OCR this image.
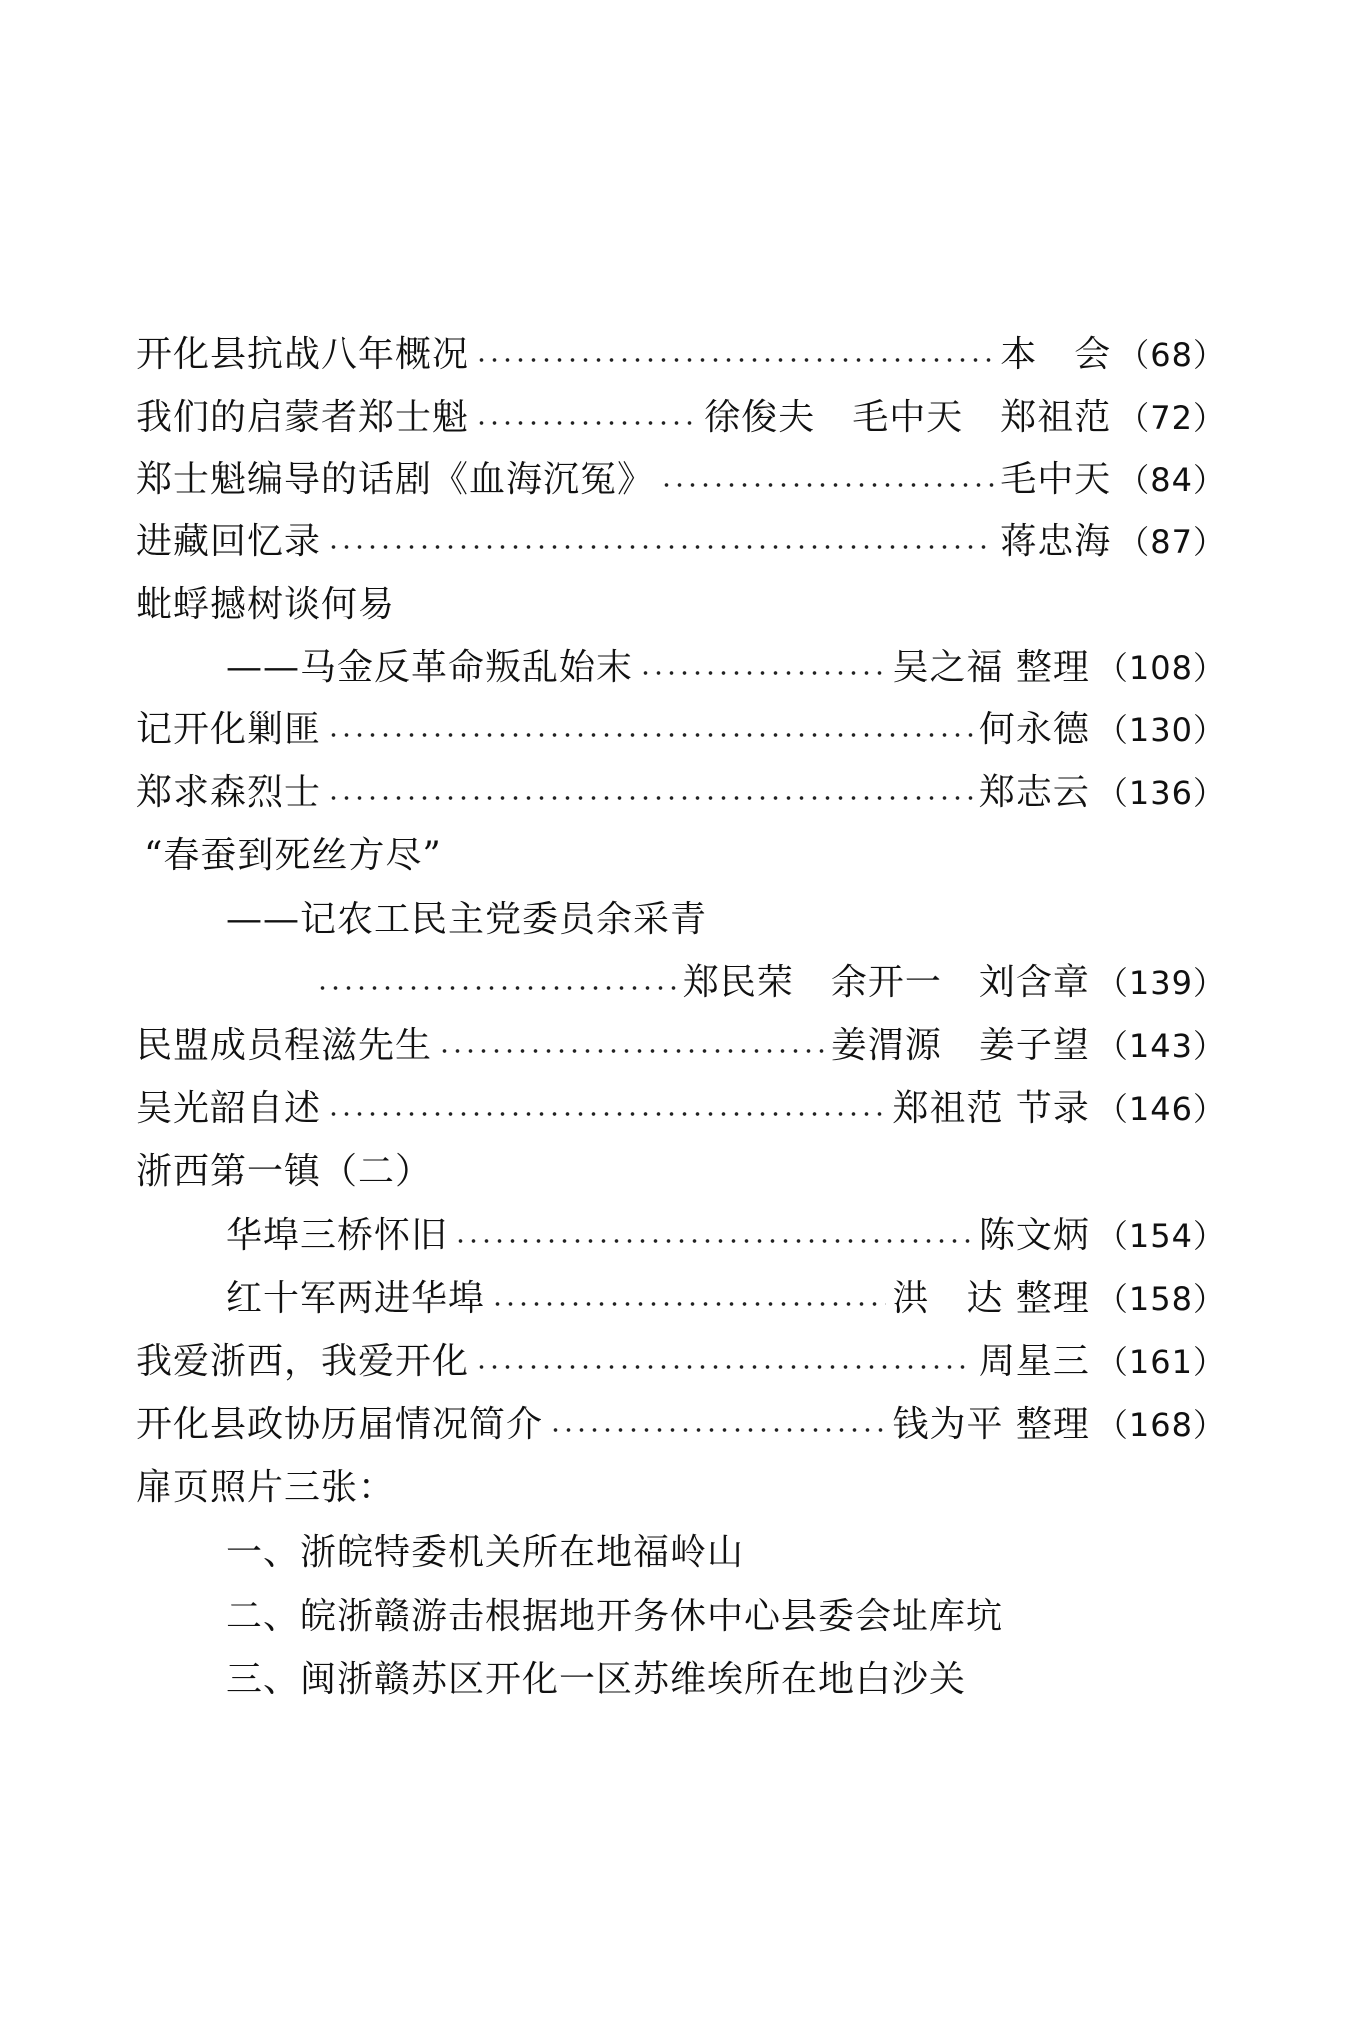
开化县抗战八年概况	本　会 （68）
我们的启蒙者郑士魁	徐俊夫　毛中天　郑祖范 （72）
郑士魁编导的话剧《血海沉冤》	毛中天 （84）
进藏回忆录	蒋忠海 （87）
蚍蜉撼树谈何易
——马金反革命叛乱始末	吴之福 整理 （108）
记开化剿匪	何永德 （130）
郑求森烈士	郑志云 （136）
“春蚕到死丝方尽”
——记农工民主党委员余采青
郑民荣　余开一　刘含章 （139）
民盟成员程滋先生	姜渭源　姜子望 （143）
吴光韶自述	郑祖范 节录 （146）
浙西第一镇（二）
华埠三桥怀旧	陈文炳 （154）
红十军两进华埠	洪　达 整理 （158）
我爱浙西，我爱开化	周星三 （161）
开化县政协历届情况简介	钱为平 整理 （168）
扉页照片三张：
一、浙皖特委机关所在地福岭山
二、皖浙赣游击根据地开务休中心县委会址库坑
三、闽浙赣苏区开化一区苏维埃所在地白沙关
